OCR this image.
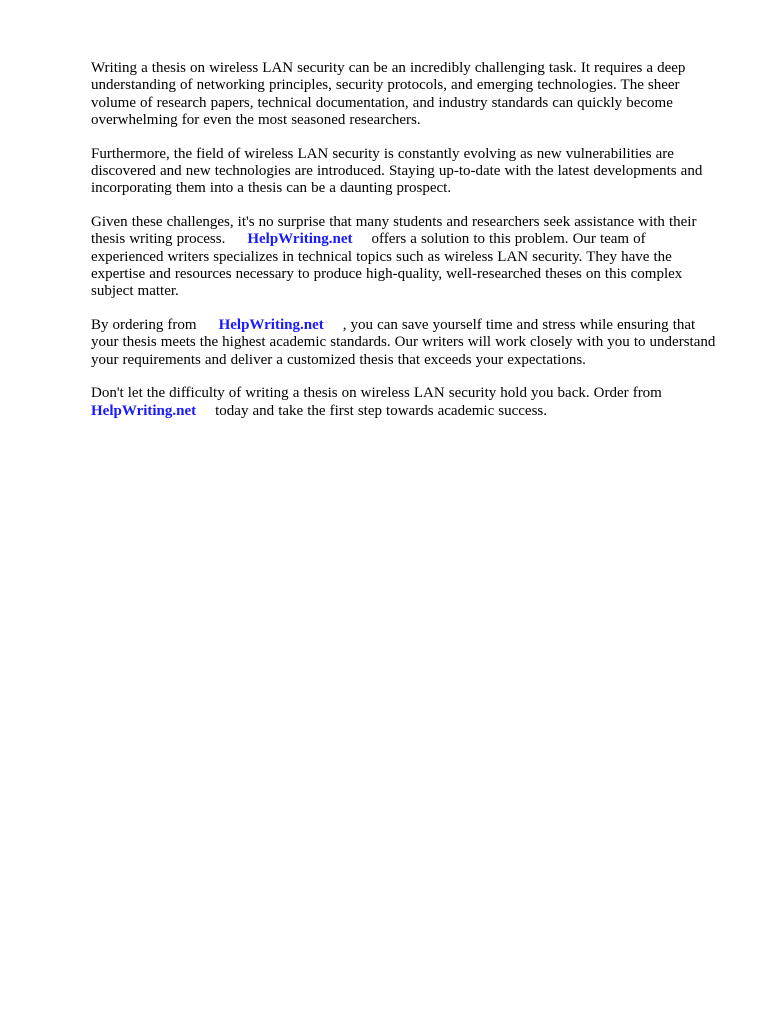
Writing a thesis on wireless LAN security can be an incredibly challenging task. It requires a deep understanding of networking principles, security protocols, and emerging technologies. The sheer volume of research papers, technical documentation, and industry standards can quickly become overwhelming for even the most seasoned researchers.

Furthermore, the field of wireless LAN security is constantly evolving as new vulnerabilities are discovered and new technologies are introduced. Staying up-to-date with the latest developments and incorporating them into a thesis can be a daunting prospect.

Given these challenges, it's no surprise that many students and researchers seek assistance with their thesis writing process. HelpWriting.net offers a solution to this problem. Our team of experienced writers specializes in technical topics such as wireless LAN security. They have the expertise and resources necessary to produce high-quality, well-researched theses on this complex subject matter.

By ordering from HelpWriting.net , you can save yourself time and stress while ensuring that your thesis meets the highest academic standards. Our writers will work closely with you to understand your requirements and deliver a customized thesis that exceeds your expectations.

Don't let the difficulty of writing a thesis on wireless LAN security hold you back. Order from HelpWriting.net today and take the first step towards academic success.
